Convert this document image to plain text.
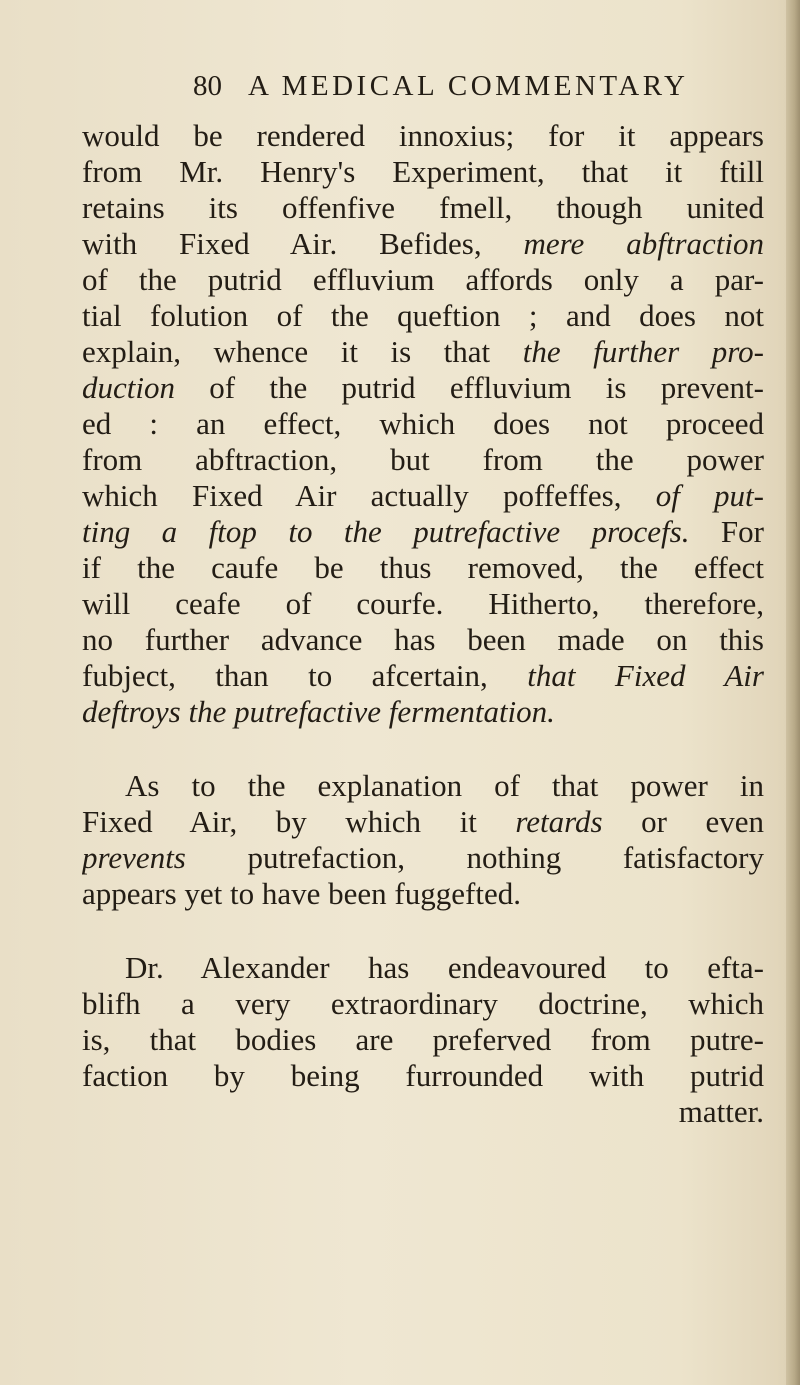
80 A MEDICAL COMMENTARY
would be rendered innoxius; for it appears
from Mr. Henry's Experiment, that it ftill
retains its offenfive fmell, though united
with Fixed Air. Befides, mere abftraction
of the putrid effluvium affords only a par-
tial folution of the queftion ; and does not
explain, whence it is that the further pro-
duction of the putrid effluvium is prevent-
ed : an effect, which does not proceed
from abftraction, but from the power
which Fixed Air actually poffeffes, of put-
ting a ftop to the putrefactive procefs. For
if the caufe be thus removed, the effect
will ceafe of courfe. Hitherto, therefore,
no further advance has been made on this
fubject, than to afcertain, that Fixed Air
deftroys the putrefactive fermentation.
As to the explanation of that power in
Fixed Air, by which it retards or even
prevents putrefaction, nothing fatisfactory
appears yet to have been fuggefted.
Dr. Alexander has endeavoured to efta-
blifh a very extraordinary doctrine, which
is, that bodies are preferved from putre-
faction by being furrounded with putrid
matter.
